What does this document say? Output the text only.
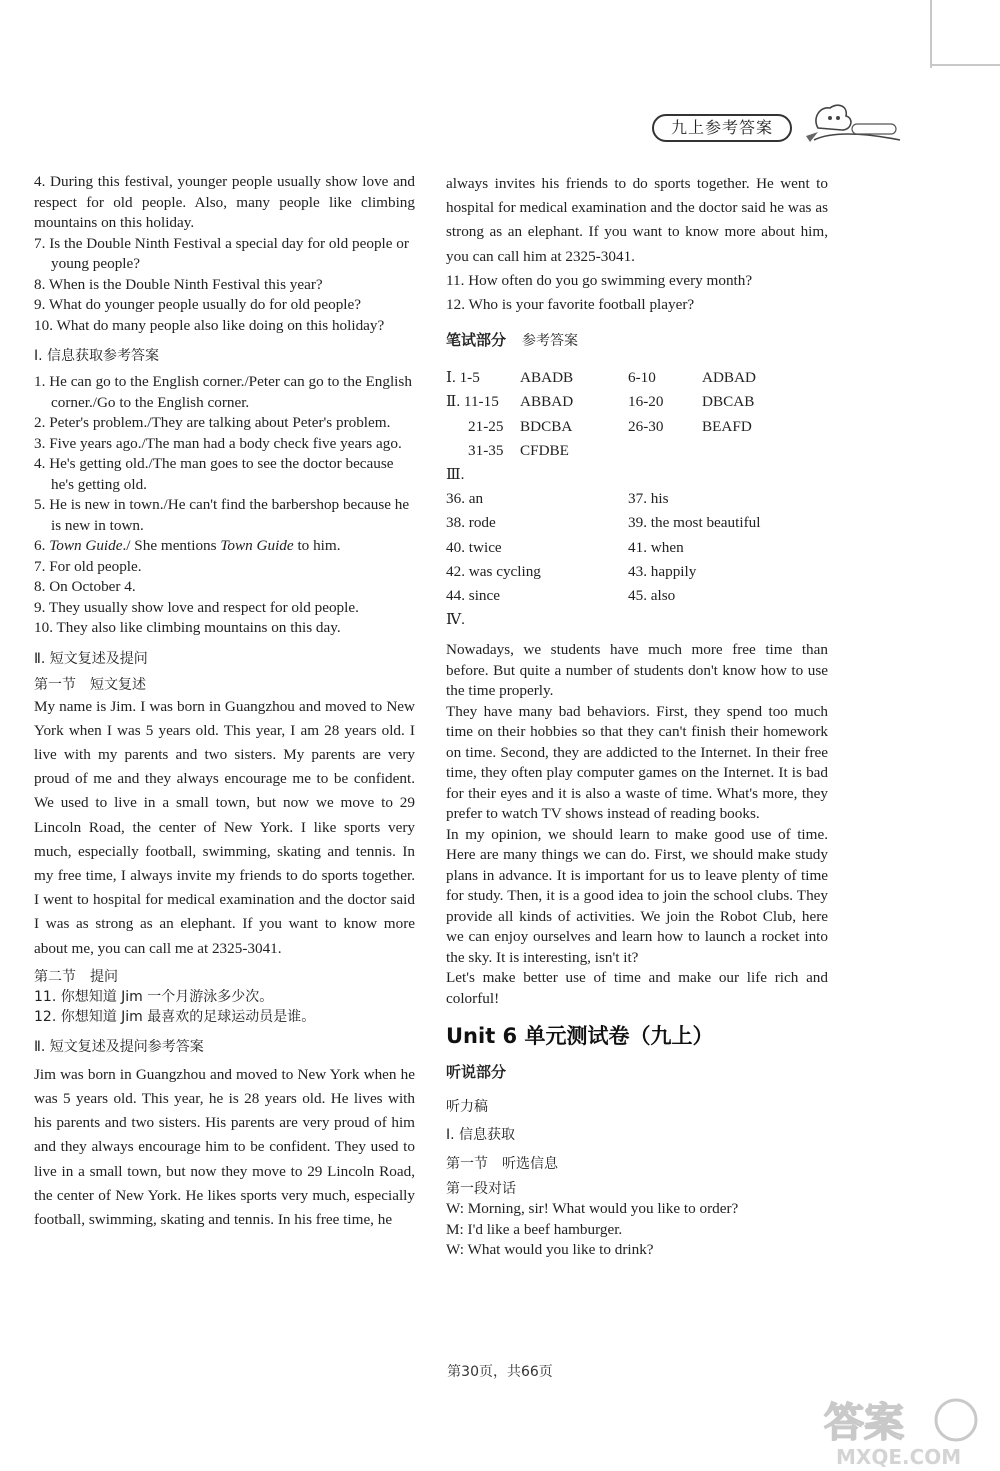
九上参考答案

4. During this festival, younger people usually show love and respect for old people. Also, many people like climbing mountains on this holiday.

7. Is the Double Ninth Festival a special day for old people or young people?

8. When is the Double Ninth Festival this year?

9. What do younger people usually do for old people?

10. What do many people also like doing on this holiday?

Ⅰ. 信息获取参考答案

1. He can go to the English corner./Peter can go to the English corner./Go to the English corner.

2. Peter's problem./They are talking about Peter's problem.

3. Five years ago./The man had a body check five years ago.

4. He's getting old./The man goes to see the doctor because he's getting old.

5. He is new in town./He can't find the barbershop because he is new in town.

6. Town Guide./ She mentions Town Guide to him.

7. For old people.

8. On October 4.

9. They usually show love and respect for old people.

10. They also like climbing mountains on this day.

Ⅱ. 短文复述及提问

第一节　短文复述

My name is Jim. I was born in Guangzhou and moved to New York when I was 5 years old. This year, I am 28 years old. I live with my parents and two sisters. My parents are very proud of me and they always encourage me to be confident. We used to live in a small town, but now we move to 29 Lincoln Road, the center of New York. I like sports very much, especially football, swimming, skating and tennis. In my free time, I always invite my friends to do sports together. I went to hospital for medical examination and the doctor said I was as strong as an elephant. If you want to know more about me, you can call me at 2325-3041.

第二节　提问

11. 你想知道 Jim 一个月游泳多少次。

12. 你想知道 Jim 最喜欢的足球运动员是谁。

Ⅱ. 短文复述及提问参考答案

Jim was born in Guangzhou and moved to New York when he was 5 years old. This year, he is 28 years old. He lives with his parents and two sisters. His parents are very proud of him and they always encourage him to be confident. They used to live in a small town, but now they move to 29 Lincoln Road, the center of New York. He likes sports very much, especially football, swimming, skating and tennis. In his free time, he

always invites his friends to do sports together. He went to hospital for medical examination and the doctor said he was as strong as an elephant. If you want to know more about him, you can call him at 2325-3041.

11. How often do you go swimming every month?

12. Who is your favorite football player?

笔试部分 参考答案

Ⅰ. 1-5	ABADB	6-10	ADBAD
Ⅱ. 11-15 ABBAD	16-20	DBCAB
21-25 BDCBA	26-30	BEAFD
31-35 CFDBE

Ⅲ.

36. an	37. his
38. rode	39. the most beautiful
40. twice	41. when
42. was cycling	43. happily
44. since	45. also

Ⅳ.

Nowadays, we students have much more free time than before. But quite a number of students don't know how to use the time properly.

They have many bad behaviors. First, they spend too much time on their hobbies so that they can't finish their homework on time. Second, they are addicted to the Internet. In their free time, they often play computer games on the Internet. It is bad for their eyes and it is also a waste of time. What's more, they prefer to watch TV shows instead of reading books.

In my opinion, we should learn to make good use of time. Here are many things we can do. First, we should make study plans in advance. It is important for us to leave plenty of time for study. Then, it is a good idea to join the school clubs. They provide all kinds of activities. We join the Robot Club, here we can enjoy ourselves and learn how to launch a rocket into the sky. It is interesting, isn't it?

Let's make better use of time and make our life rich and colorful!

Unit 6 单元测试卷（九上）

听说部分

听力稿

Ⅰ. 信息获取

第一节　听选信息

第一段对话

W: Morning, sir! What would you like to order?

M: I'd like a beef hamburger.

W: What would you like to drink?

第30页，共66页
答案
MXQE.COM
